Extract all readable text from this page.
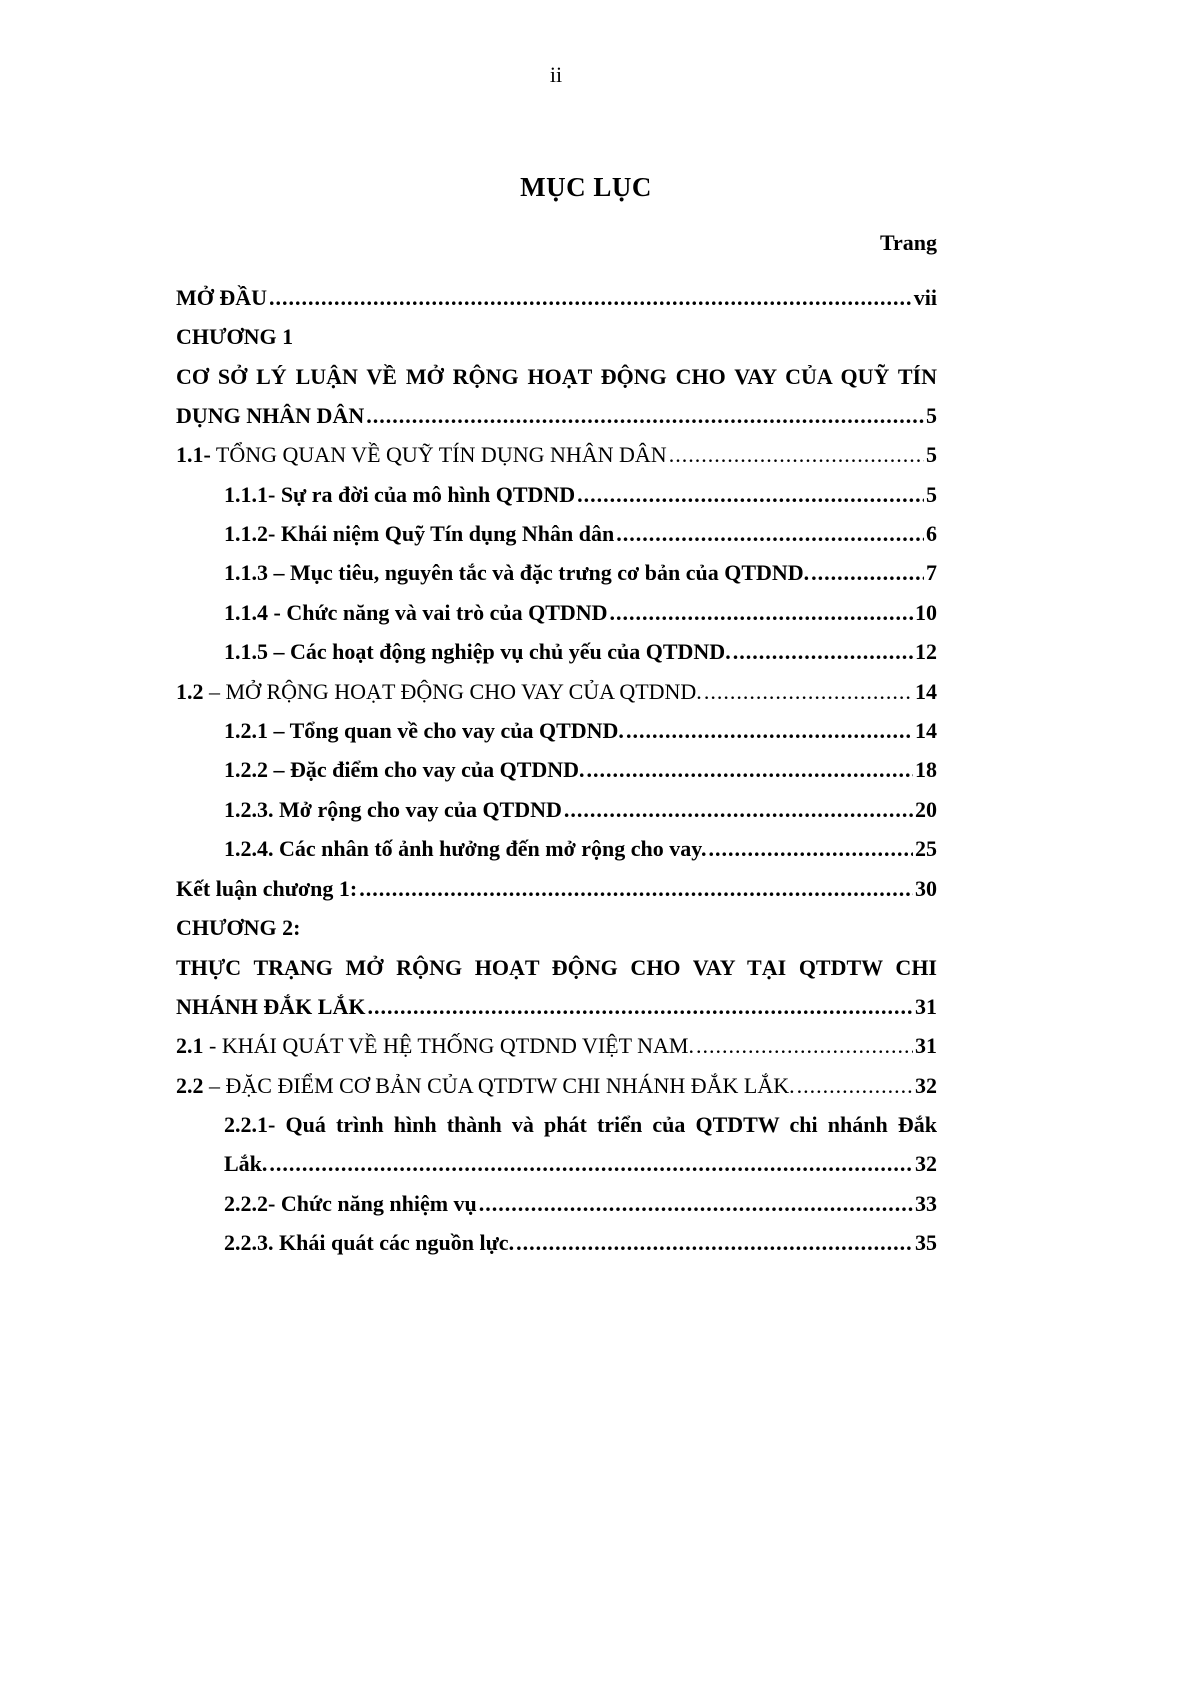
ii
MỤC LỤC
Trang
MỞ ĐẦU .....	vii
CHƯƠNG 1
CƠ SỞ LÝ LUẬN VỀ MỞ RỘNG HOẠT ĐỘNG CHO VAY CỦA QUỸ TÍN
DỤNG NHÂN DÂN .....	5
1.1- TỔNG QUAN VỀ QUỸ TÍN DỤNG NHÂN DÂN .....	5
1.1.1- Sự ra đời của mô hình QTDND .....	5
1.1.2- Khái niệm Quỹ Tín dụng Nhân dân .....	6
1.1.3 – Mục tiêu, nguyên tắc và đặc trưng cơ bản của QTDND. .....	7
1.1.4 - Chức năng và vai trò của QTDND .....	10
1.1.5 – Các hoạt động nghiệp vụ chủ yếu của QTDND. .....	12
1.2 – MỞ RỘNG HOẠT ĐỘNG CHO VAY CỦA QTDND. .....	14
1.2.1 – Tổng quan về cho vay của QTDND. .....	14
1.2.2 – Đặc điểm cho vay của QTDND. .....	18
1.2.3. Mở rộng cho vay của QTDND .....	20
1.2.4. Các nhân tố ảnh hưởng đến mở rộng cho vay. .....	25
Kết luận chương 1: .....	30
CHƯƠNG 2:
THỰC TRẠNG MỞ RỘNG HOẠT ĐỘNG CHO VAY TẠI QTDTW CHI
NHÁNH ĐẮK LẮK .....	31
2.1 - KHÁI QUÁT VỀ HỆ THỐNG QTDND VIỆT NAM. .....	31
2.2 – ĐẶC ĐIỂM CƠ BẢN CỦA QTDTW CHI NHÁNH ĐẮK LẮK. .....	32
2.2.1- Quá trình hình thành và phát triển của QTDTW chi nhánh Đắk
Lắk. .....	32
2.2.2- Chức năng nhiệm vụ .....	33
2.2.3. Khái quát các nguồn lực. .....	35
